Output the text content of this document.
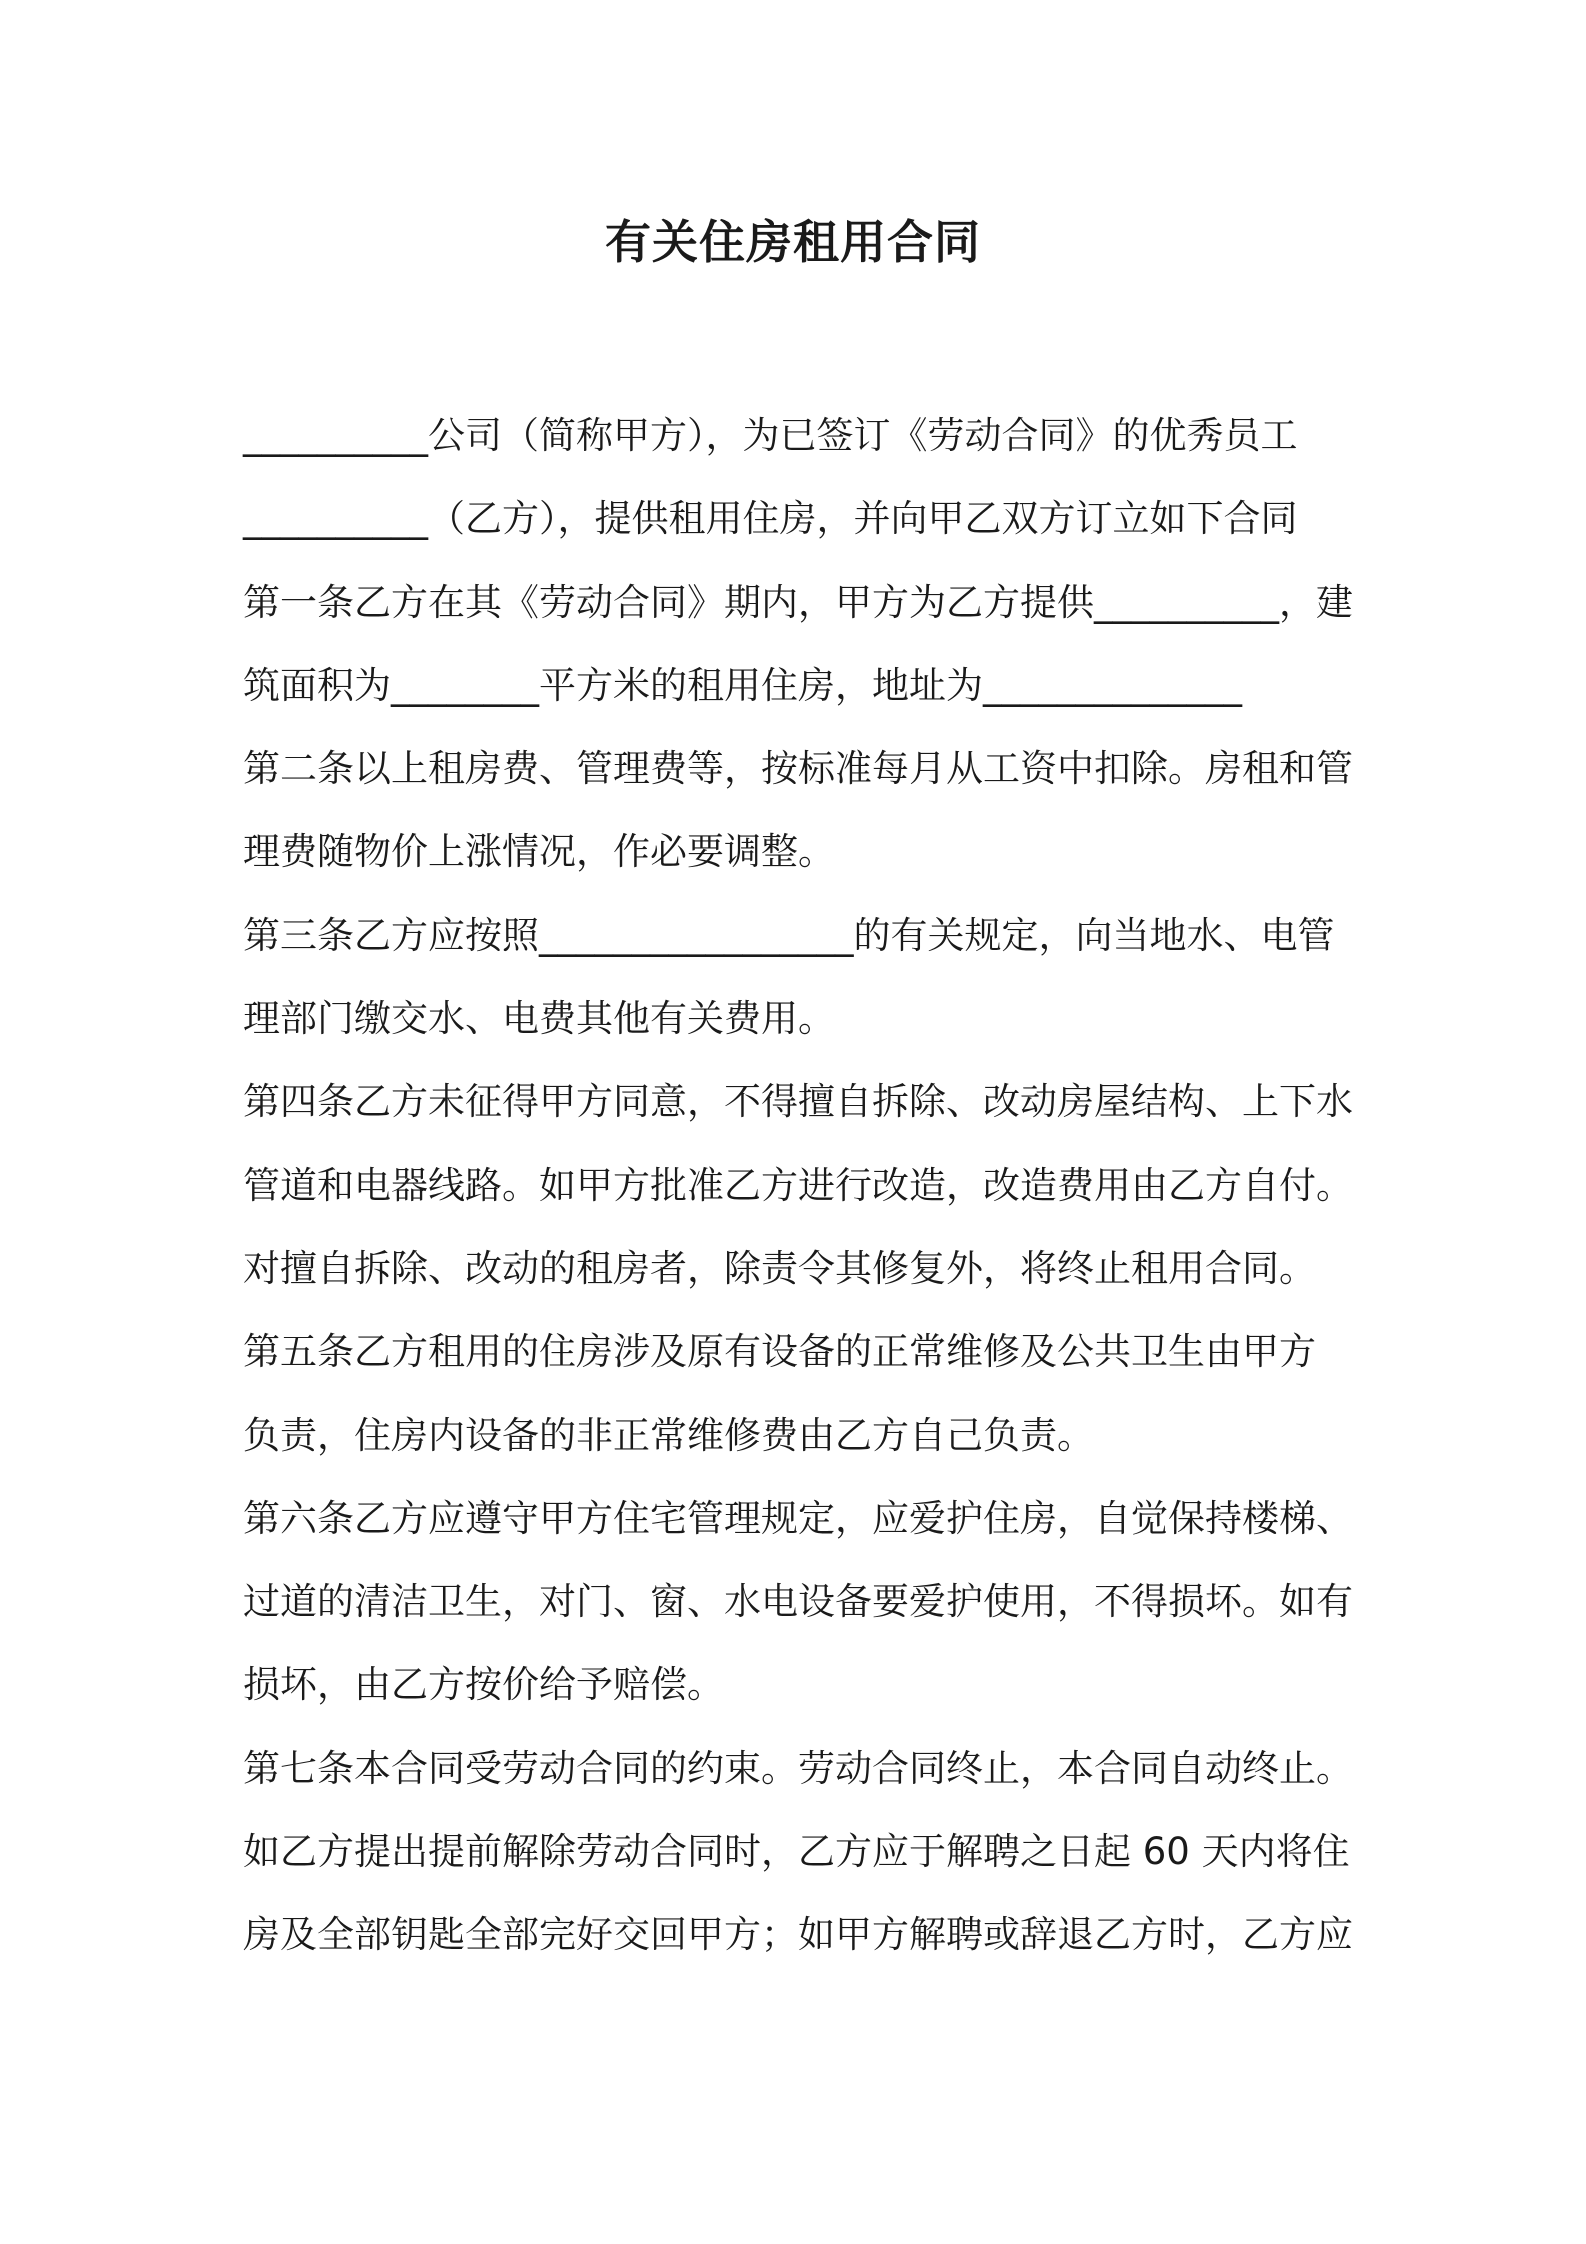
有关住房租用合同
__________公司（简称甲方），为已签订《劳动合同》的优秀员工
__________（乙方），提供租用住房，并向甲乙双方订立如下合同
第一条乙方在其《劳动合同》期内，甲方为乙方提供__________，建
筑面积为________平方米的租用住房，地址为______________
第二条以上租房费、管理费等，按标准每月从工资中扣除。房租和管
理费随物价上涨情况，作必要调整。
第三条乙方应按照_________________的有关规定，向当地水、电管
理部门缴交水、电费其他有关费用。
第四条乙方未征得甲方同意，不得擅自拆除、改动房屋结构、上下水
管道和电器线路。如甲方批准乙方进行改造，改造费用由乙方自付。
对擅自拆除、改动的租房者，除责令其修复外，将终止租用合同。
第五条乙方租用的住房涉及原有设备的正常维修及公共卫生由甲方
负责，住房内设备的非正常维修费由乙方自己负责。
第六条乙方应遵守甲方住宅管理规定，应爱护住房，自觉保持楼梯、
过道的清洁卫生，对门、窗、水电设备要爱护使用，不得损坏。如有
损坏，由乙方按价给予赔偿。
第七条本合同受劳动合同的约束。劳动合同终止，本合同自动终止。
如乙方提出提前解除劳动合同时，乙方应于解聘之日起 60 天内将住
房及全部钥匙全部完好交回甲方；如甲方解聘或辞退乙方时，乙方应
